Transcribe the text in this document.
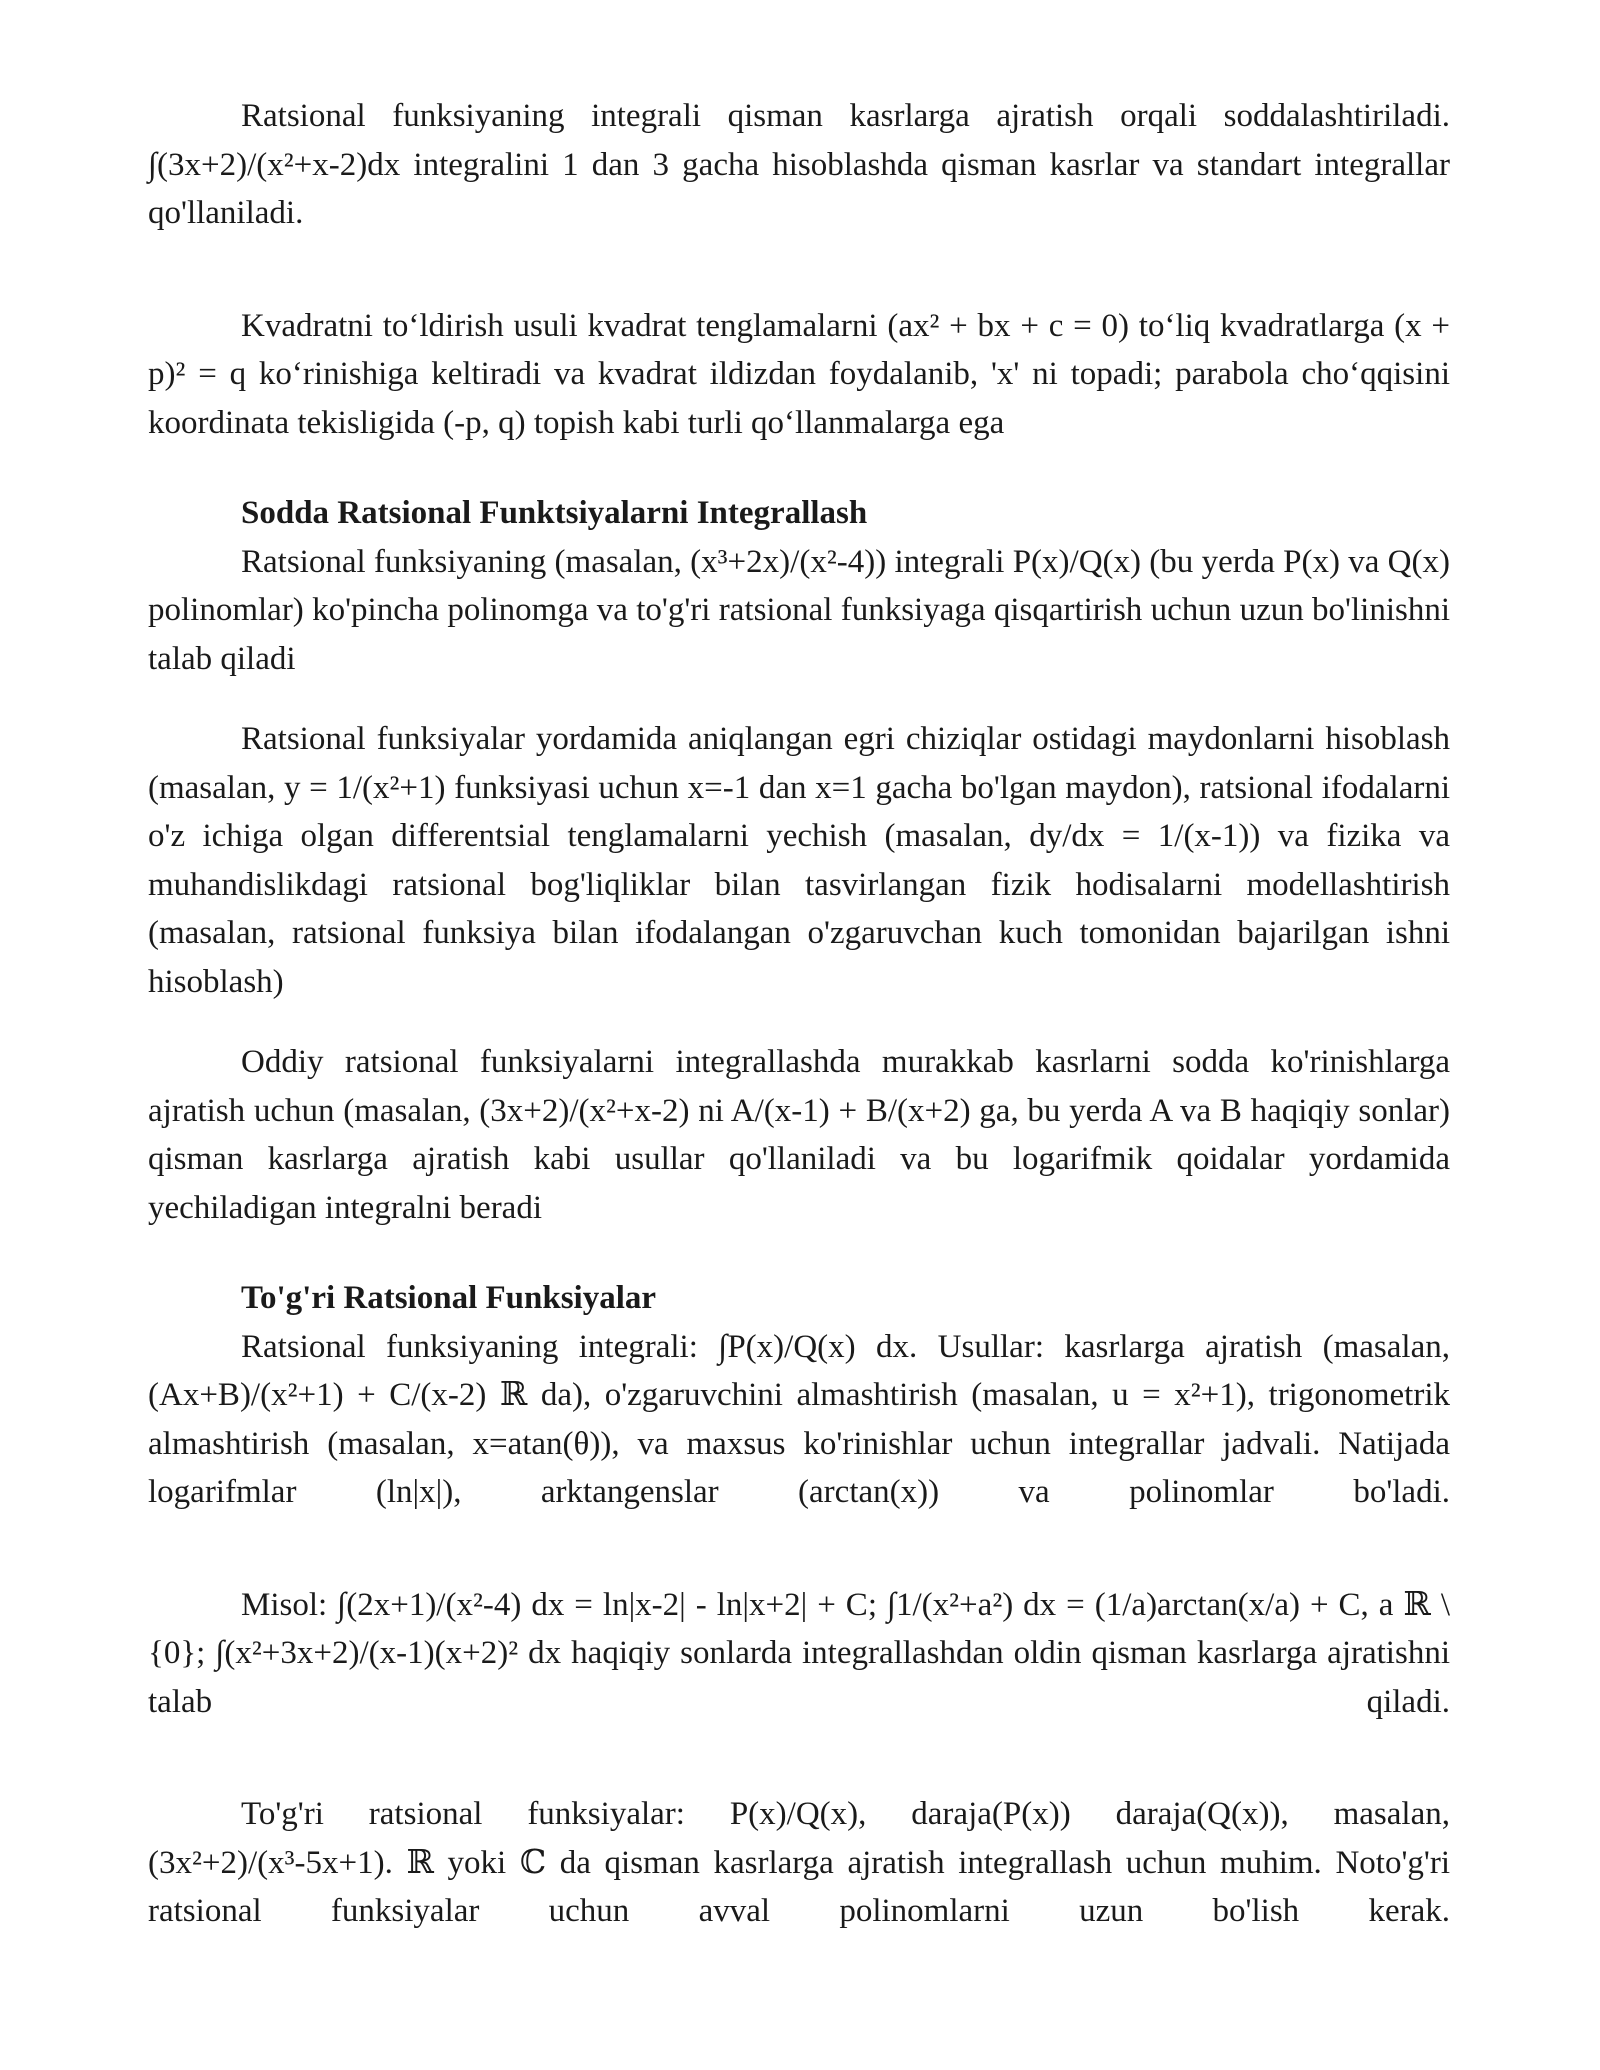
Ratsional funksiyaning integrali qisman kasrlarga ajratish orqali soddalashtiriladi. ∫(3x+2)/(x²+x-2)dx integralini 1 dan 3 gacha hisoblashda qisman kasrlar va standart integrallar qo'llaniladi.

Kvadratni to‘ldirish usuli kvadrat tenglamalarni (ax² + bx + c = 0) to‘liq kvadratlarga (x + p)² = q ko‘rinishiga keltiradi va kvadrat ildizdan foydalanib, 'x' ni topadi; parabola cho‘qqisini koordinata tekisligida (-p, q) topish kabi turli qo‘llanmalarga ega

Sodda Ratsional Funktsiyalarni Integrallash

Ratsional funksiyaning (masalan, (x³+2x)/(x²-4)) integrali P(x)/Q(x) (bu yerda P(x) va Q(x) polinomlar) ko'pincha polinomga va to'g'ri ratsional funksiyaga qisqartirish uchun uzun bo'linishni talab qiladi

Ratsional funksiyalar yordamida aniqlangan egri chiziqlar ostidagi maydonlarni hisoblash (masalan, y = 1/(x²+1) funksiyasi uchun x=-1 dan x=1 gacha bo'lgan maydon), ratsional ifodalarni o'z ichiga olgan differentsial tenglamalarni yechish (masalan, dy/dx = 1/(x-1)) va fizika va muhandislikdagi ratsional bog'liqliklar bilan tasvirlangan fizik hodisalarni modellashtirish (masalan, ratsional funksiya bilan ifodalangan o'zgaruvchan kuch tomonidan bajarilgan ishni hisoblash)

Oddiy ratsional funksiyalarni integrallashda murakkab kasrlarni sodda ko'rinishlarga ajratish uchun (masalan, (3x+2)/(x²+x-2) ni A/(x-1) + B/(x+2) ga, bu yerda A va B haqiqiy sonlar) qisman kasrlarga ajratish kabi usullar qo'llaniladi va bu logarifmik qoidalar yordamida yechiladigan integralni beradi

To'g'ri Ratsional Funksiyalar

Ratsional funksiyaning integrali: ∫P(x)/Q(x) dx. Usullar: kasrlarga ajratish (masalan, (Ax+B)/(x²+1) + C/(x-2) ℝ da), o'zgaruvchini almashtirish (masalan, u = x²+1), trigonometrik almashtirish (masalan, x=atan(θ)), va maxsus ko'rinishlar uchun integrallar jadvali. Natijada logarifmlar (ln|x|), arktangenslar (arctan(x)) va polinomlar bo'ladi.

Misol: ∫(2x+1)/(x²-4) dx = ln|x-2| - ln|x+2| + C; ∫1/(x²+a²) dx = (1/a)arctan(x/a) + C, a ℝ \{0}; ∫(x²+3x+2)/(x-1)(x+2)² dx haqiqiy sonlarda integrallashdan oldin qisman kasrlarga ajratishni talab qiladi.

To'g'ri ratsional funksiyalar: P(x)/Q(x), daraja(P(x)) daraja(Q(x)), masalan, (3x²+2)/(x³-5x+1). ℝ yoki ℂ da qisman kasrlarga ajratish integrallash uchun muhim. Noto'g'ri ratsional funksiyalar uchun avval polinomlarni uzun bo'lish kerak.
